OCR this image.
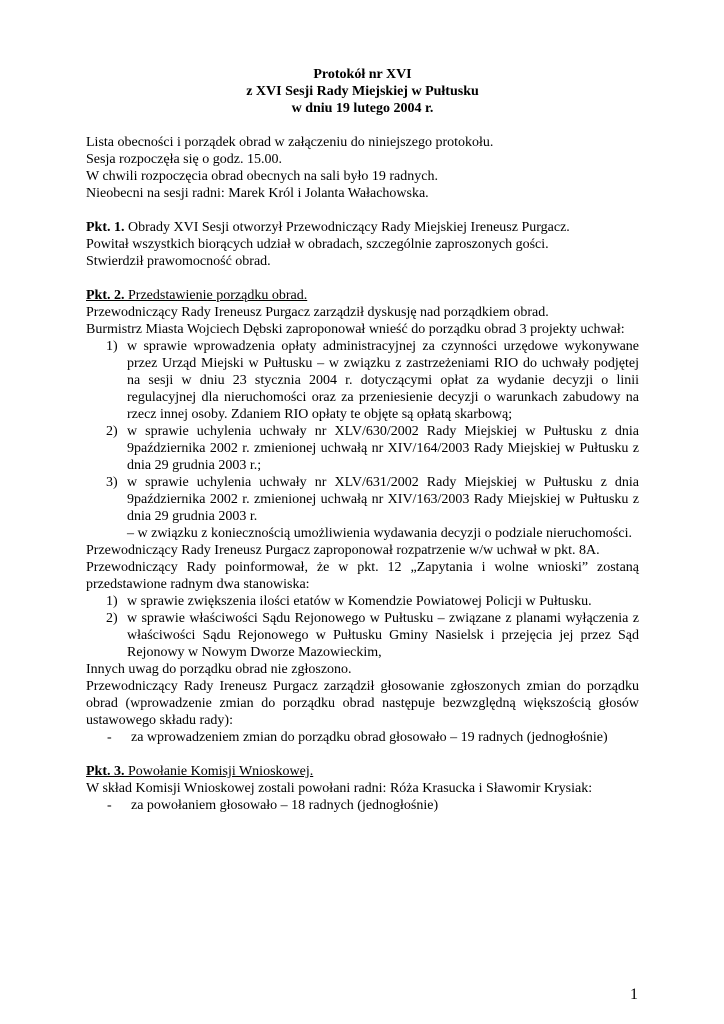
Protokół nr XVI
z XVI Sesji Rady Miejskiej w Pułtusku
w dniu 19 lutego 2004 r.

Lista obecności i porządek obrad w załączeniu do niniejszego protokołu.

Sesja rozpoczęła się o godz. 15.00.

W chwili rozpoczęcia obrad obecnych na sali było 19 radnych.

Nieobecni na sesji radni: Marek Król i Jolanta Wałachowska.

Pkt. 1. Obrady XVI Sesji otworzył Przewodniczący Rady Miejskiej Ireneusz Purgacz.

Powitał wszystkich biorących udział w obradach, szczególnie zaproszonych gości.

Stwierdził prawomocność obrad.

Pkt. 2. Przedstawienie porządku obrad.

Przewodniczący Rady Ireneusz Purgacz zarządził dyskusję nad porządkiem obrad.

Burmistrz Miasta Wojciech Dębski zaproponował wnieść do porządku obrad 3 projekty uchwał:

1) w sprawie wprowadzenia opłaty administracyjnej za czynności urzędowe wykonywane przez Urząd Miejski w Pułtusku – w związku z zastrzeżeniami RIO do uchwały podjętej na sesji w dniu 23 stycznia 2004 r. dotyczącymi opłat za wydanie decyzji o linii regulacyjnej dla nieruchomości oraz za przeniesienie decyzji o warunkach zabudowy na rzecz innej osoby. Zdaniem RIO opłaty te objęte są opłatą skarbową;
2) w sprawie uchylenia uchwały nr XLV/630/2002 Rady Miejskiej w Pułtusku z dnia 9października 2002 r. zmienionej uchwałą nr XIV/164/2003 Rady Miejskiej w Pułtusku z dnia 29 grudnia 2003 r.;
3) w sprawie uchylenia uchwały nr XLV/631/2002 Rady Miejskiej w Pułtusku z dnia 9października 2002 r. zmienionej uchwałą nr XIV/163/2003 Rady Miejskiej w Pułtusku z dnia 29 grudnia 2003 r.

– w związku z koniecznością umożliwienia wydawania decyzji o podziale nieruchomości.

Przewodniczący Rady Ireneusz Purgacz zaproponował rozpatrzenie w/w uchwał w pkt. 8A.

Przewodniczący Rady poinformował, że w pkt. 12 „Zapytania i wolne wnioski” zostaną przedstawione radnym dwa stanowiska:

1) w sprawie zwiększenia ilości etatów w Komendzie Powiatowej Policji w Pułtusku.
2) w sprawie właściwości Sądu Rejonowego w Pułtusku – związane z planami wyłączenia z właściwości Sądu Rejonowego w Pułtusku Gminy Nasielsk i przejęcia jej przez Sąd Rejonowy w Nowym Dworze Mazowieckim,

Innych uwag do porządku obrad nie zgłoszono.

Przewodniczący Rady Ireneusz Purgacz zarządził głosowanie zgłoszonych zmian do porządku obrad (wprowadzenie zmian do porządku obrad następuje bezwzględną większością głosów ustawowego składu rady):

- za wprowadzeniem zmian do porządku obrad głosowało – 19 radnych (jednogłośnie)

Pkt. 3. Powołanie Komisji Wnioskowej.

W skład Komisji Wnioskowej zostali powołani radni: Róża Krasucka i Sławomir Krysiak:

- za powołaniem głosowało – 18 radnych (jednogłośnie)
1
